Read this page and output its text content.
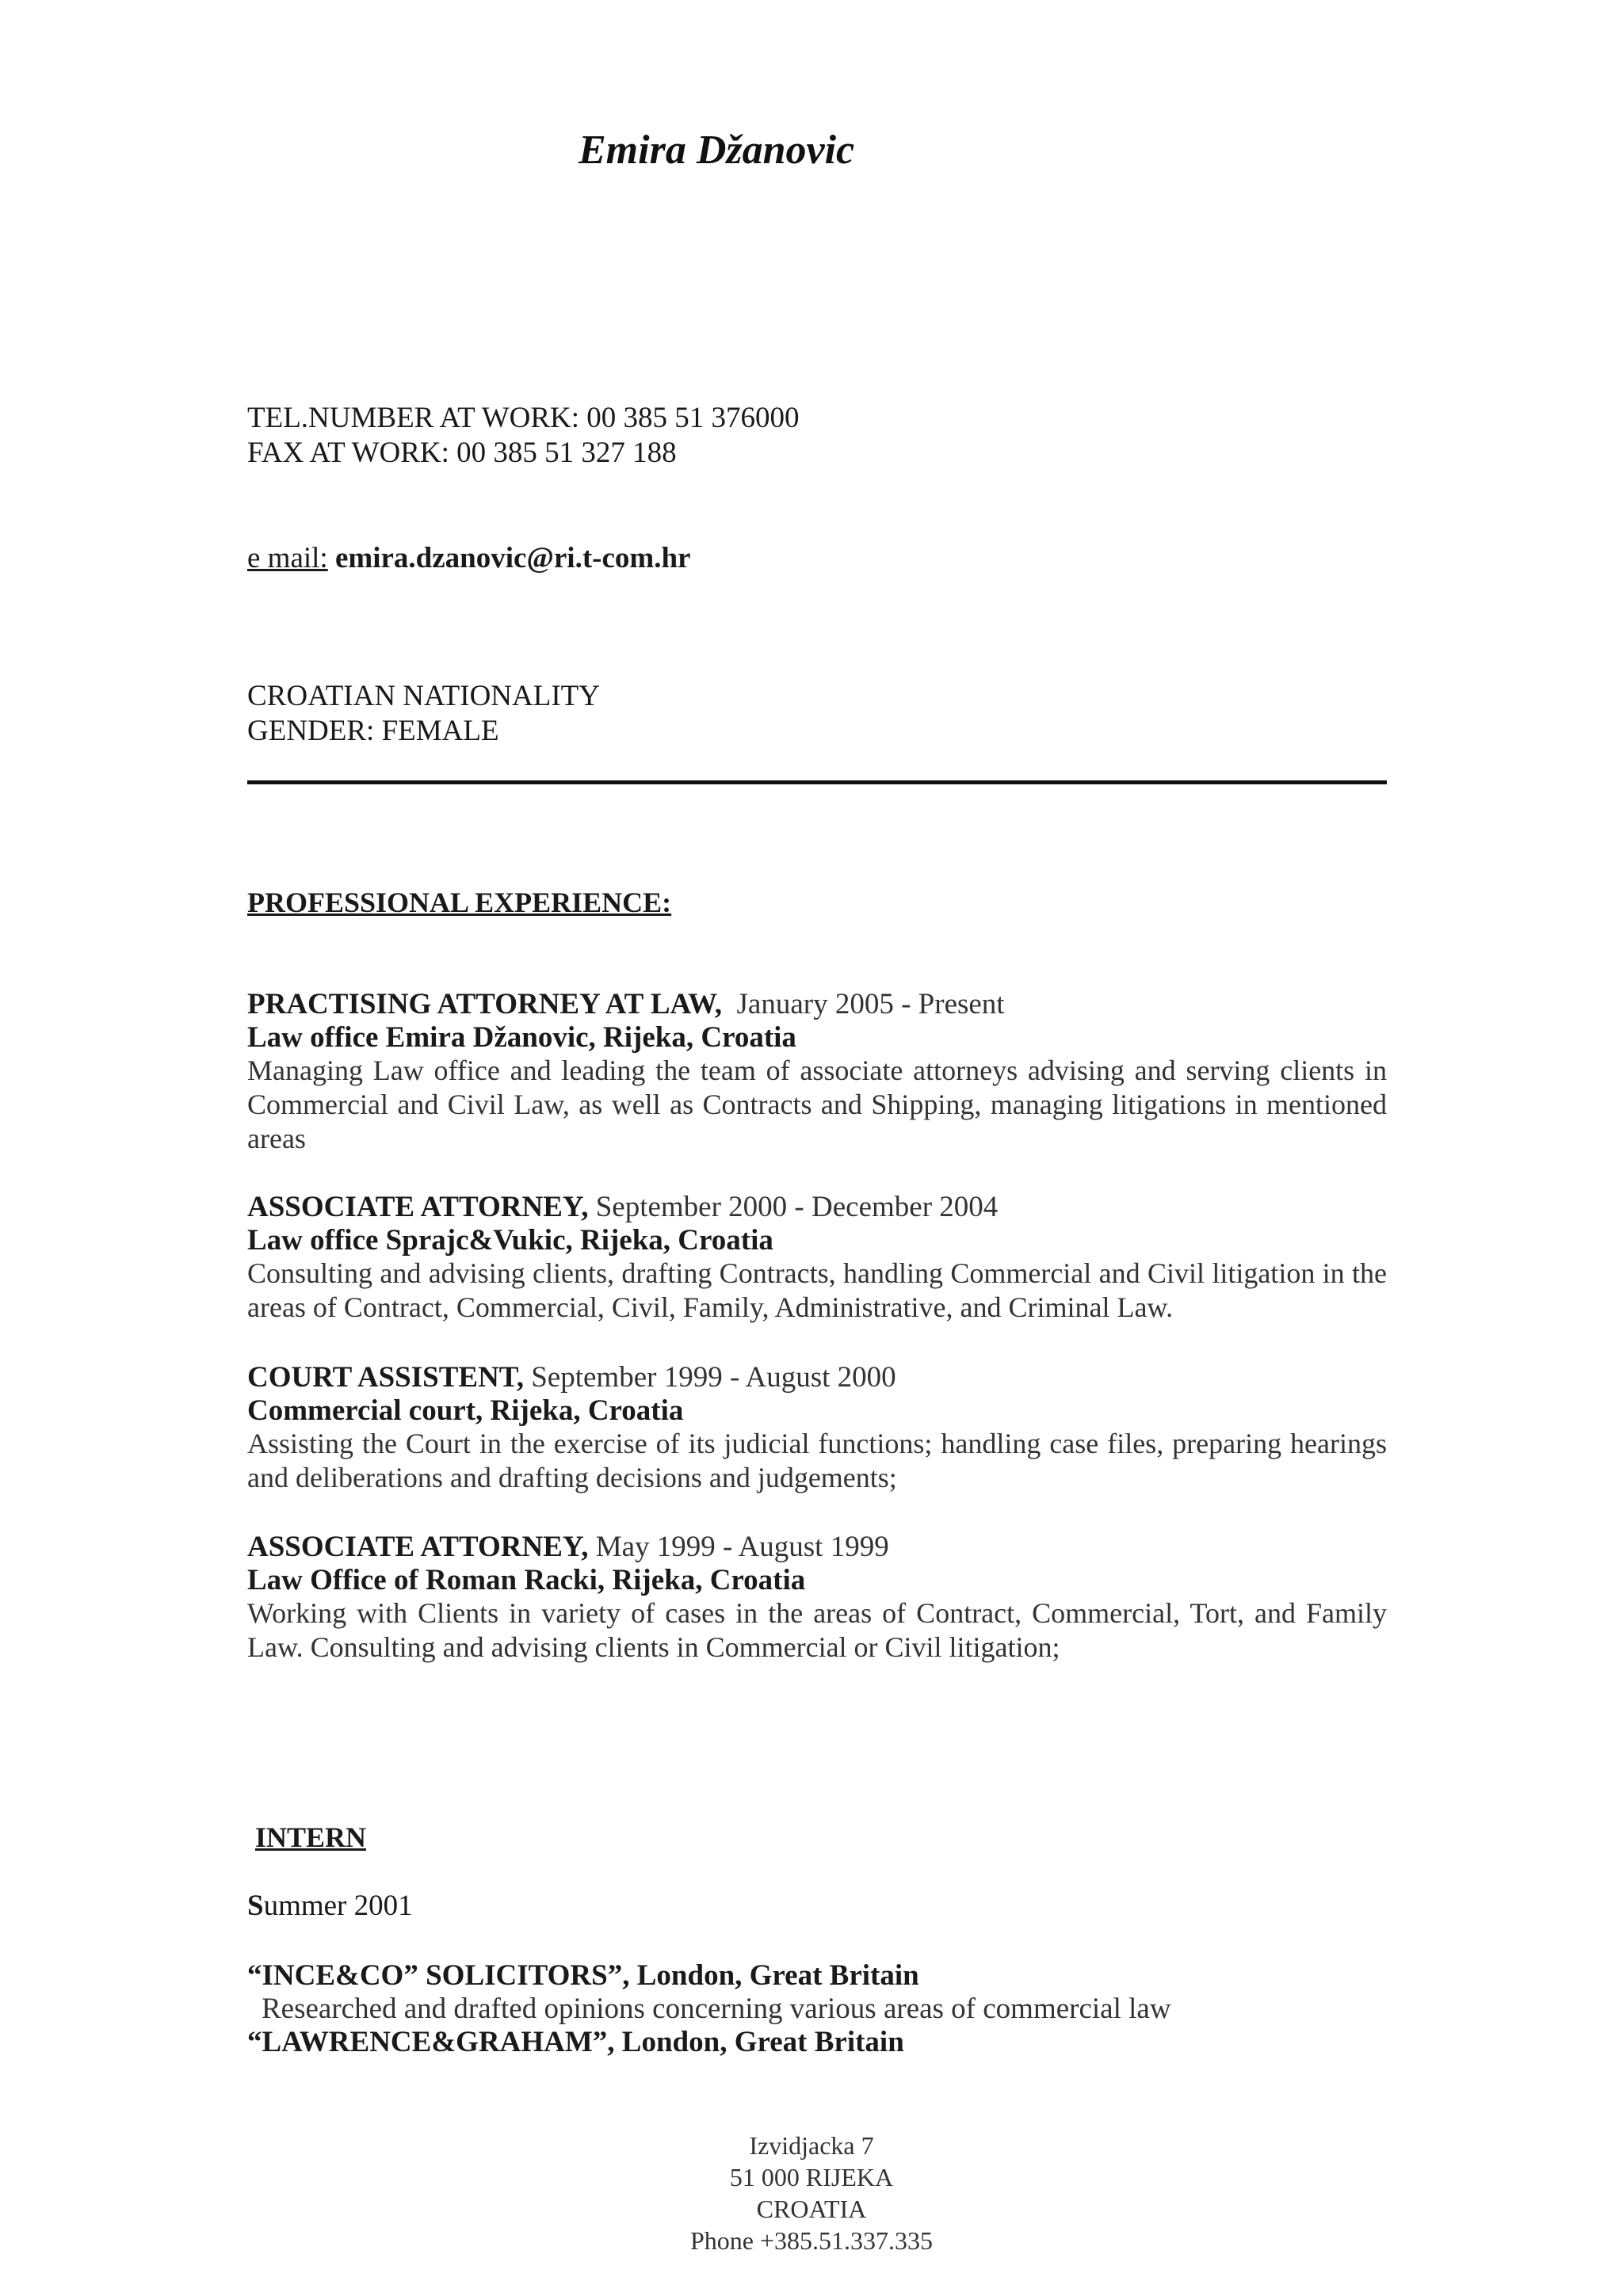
Emira Džanovic
TEL.NUMBER AT WORK: 00 385 51 376000
FAX AT WORK: 00 385 51 327 188
e mail: emira.dzanovic@ri.t-com.hr
CROATIAN NATIONALITY
GENDER: FEMALE
PROFESSIONAL EXPERIENCE:
PRACTISING ATTORNEY AT LAW, January 2005 - Present
Law office Emira Džanovic, Rijeka, Croatia
Managing Law office and leading the team of associate attorneys advising and serving clients in Commercial and Civil Law, as well as Contracts and Shipping, managing litigations in mentioned areas
ASSOCIATE ATTORNEY, September 2000 - December 2004
Law office Sprajc&Vukic, Rijeka, Croatia
Consulting and advising clients, drafting Contracts, handling Commercial and Civil litigation in the areas of Contract, Commercial, Civil, Family, Administrative, and Criminal Law.
COURT ASSISTENT, September 1999 - August 2000
Commercial court, Rijeka, Croatia
Assisting the Court in the exercise of its judicial functions; handling case files, preparing hearings and deliberations and drafting decisions and judgements;
ASSOCIATE ATTORNEY, May 1999 - August 1999
Law Office of Roman Racki, Rijeka, Croatia
Working with Clients in variety of cases in the areas of Contract, Commercial, Tort, and Family Law. Consulting and advising clients in Commercial or Civil litigation;
INTERN
Summer 2001
“INCE&CO” SOLICITORS”, London, Great Britain
Researched and drafted opinions concerning various areas of commercial law
“LAWRENCE&GRAHAM”, London, Great Britain
Izvidjacka 7
51 000 RIJEKA
CROATIA
Phone +385.51.337.335
